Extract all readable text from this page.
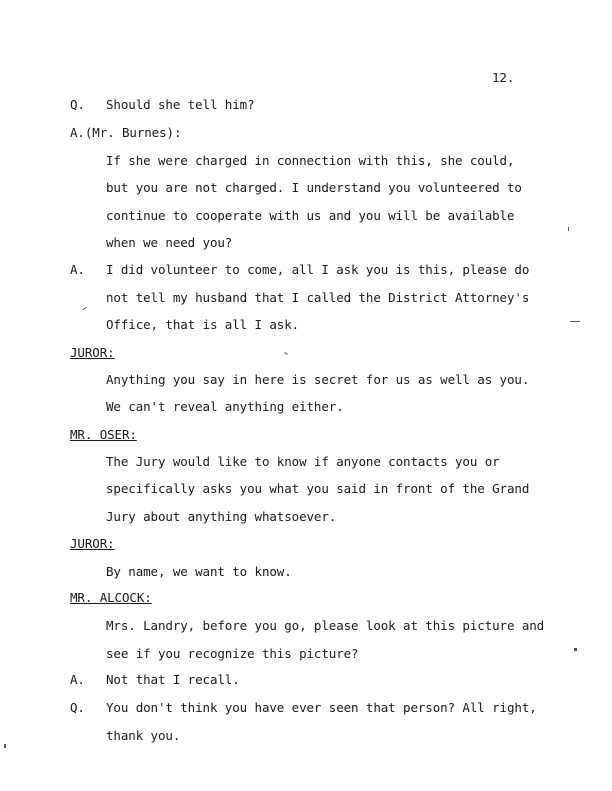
12.
Q. Should she tell him?
A.(Mr. Burnes):
If she were charged in connection with this, she could,
but you are not charged. I understand you volunteered to
continue to cooperate with us and you will be available
when we need you?
A. I did volunteer to come, all I ask you is this, please do
not tell my husband that I called the District Attorney's
Office, that is all I ask.
JUROR:
Anything you say in here is secret for us as well as you.
We can't reveal anything either.
MR. OSER:
The Jury would like to know if anyone contacts you or
specifically asks you what you said in front of the Grand
Jury about anything whatsoever.
JUROR:
By name, we want to know.
MR. ALCOCK:
Mrs. Landry, before you go, please look at this picture and
see if you recognize this picture?
A. Not that I recall.
Q. You don't think you have ever seen that person? All right,
thank you.
